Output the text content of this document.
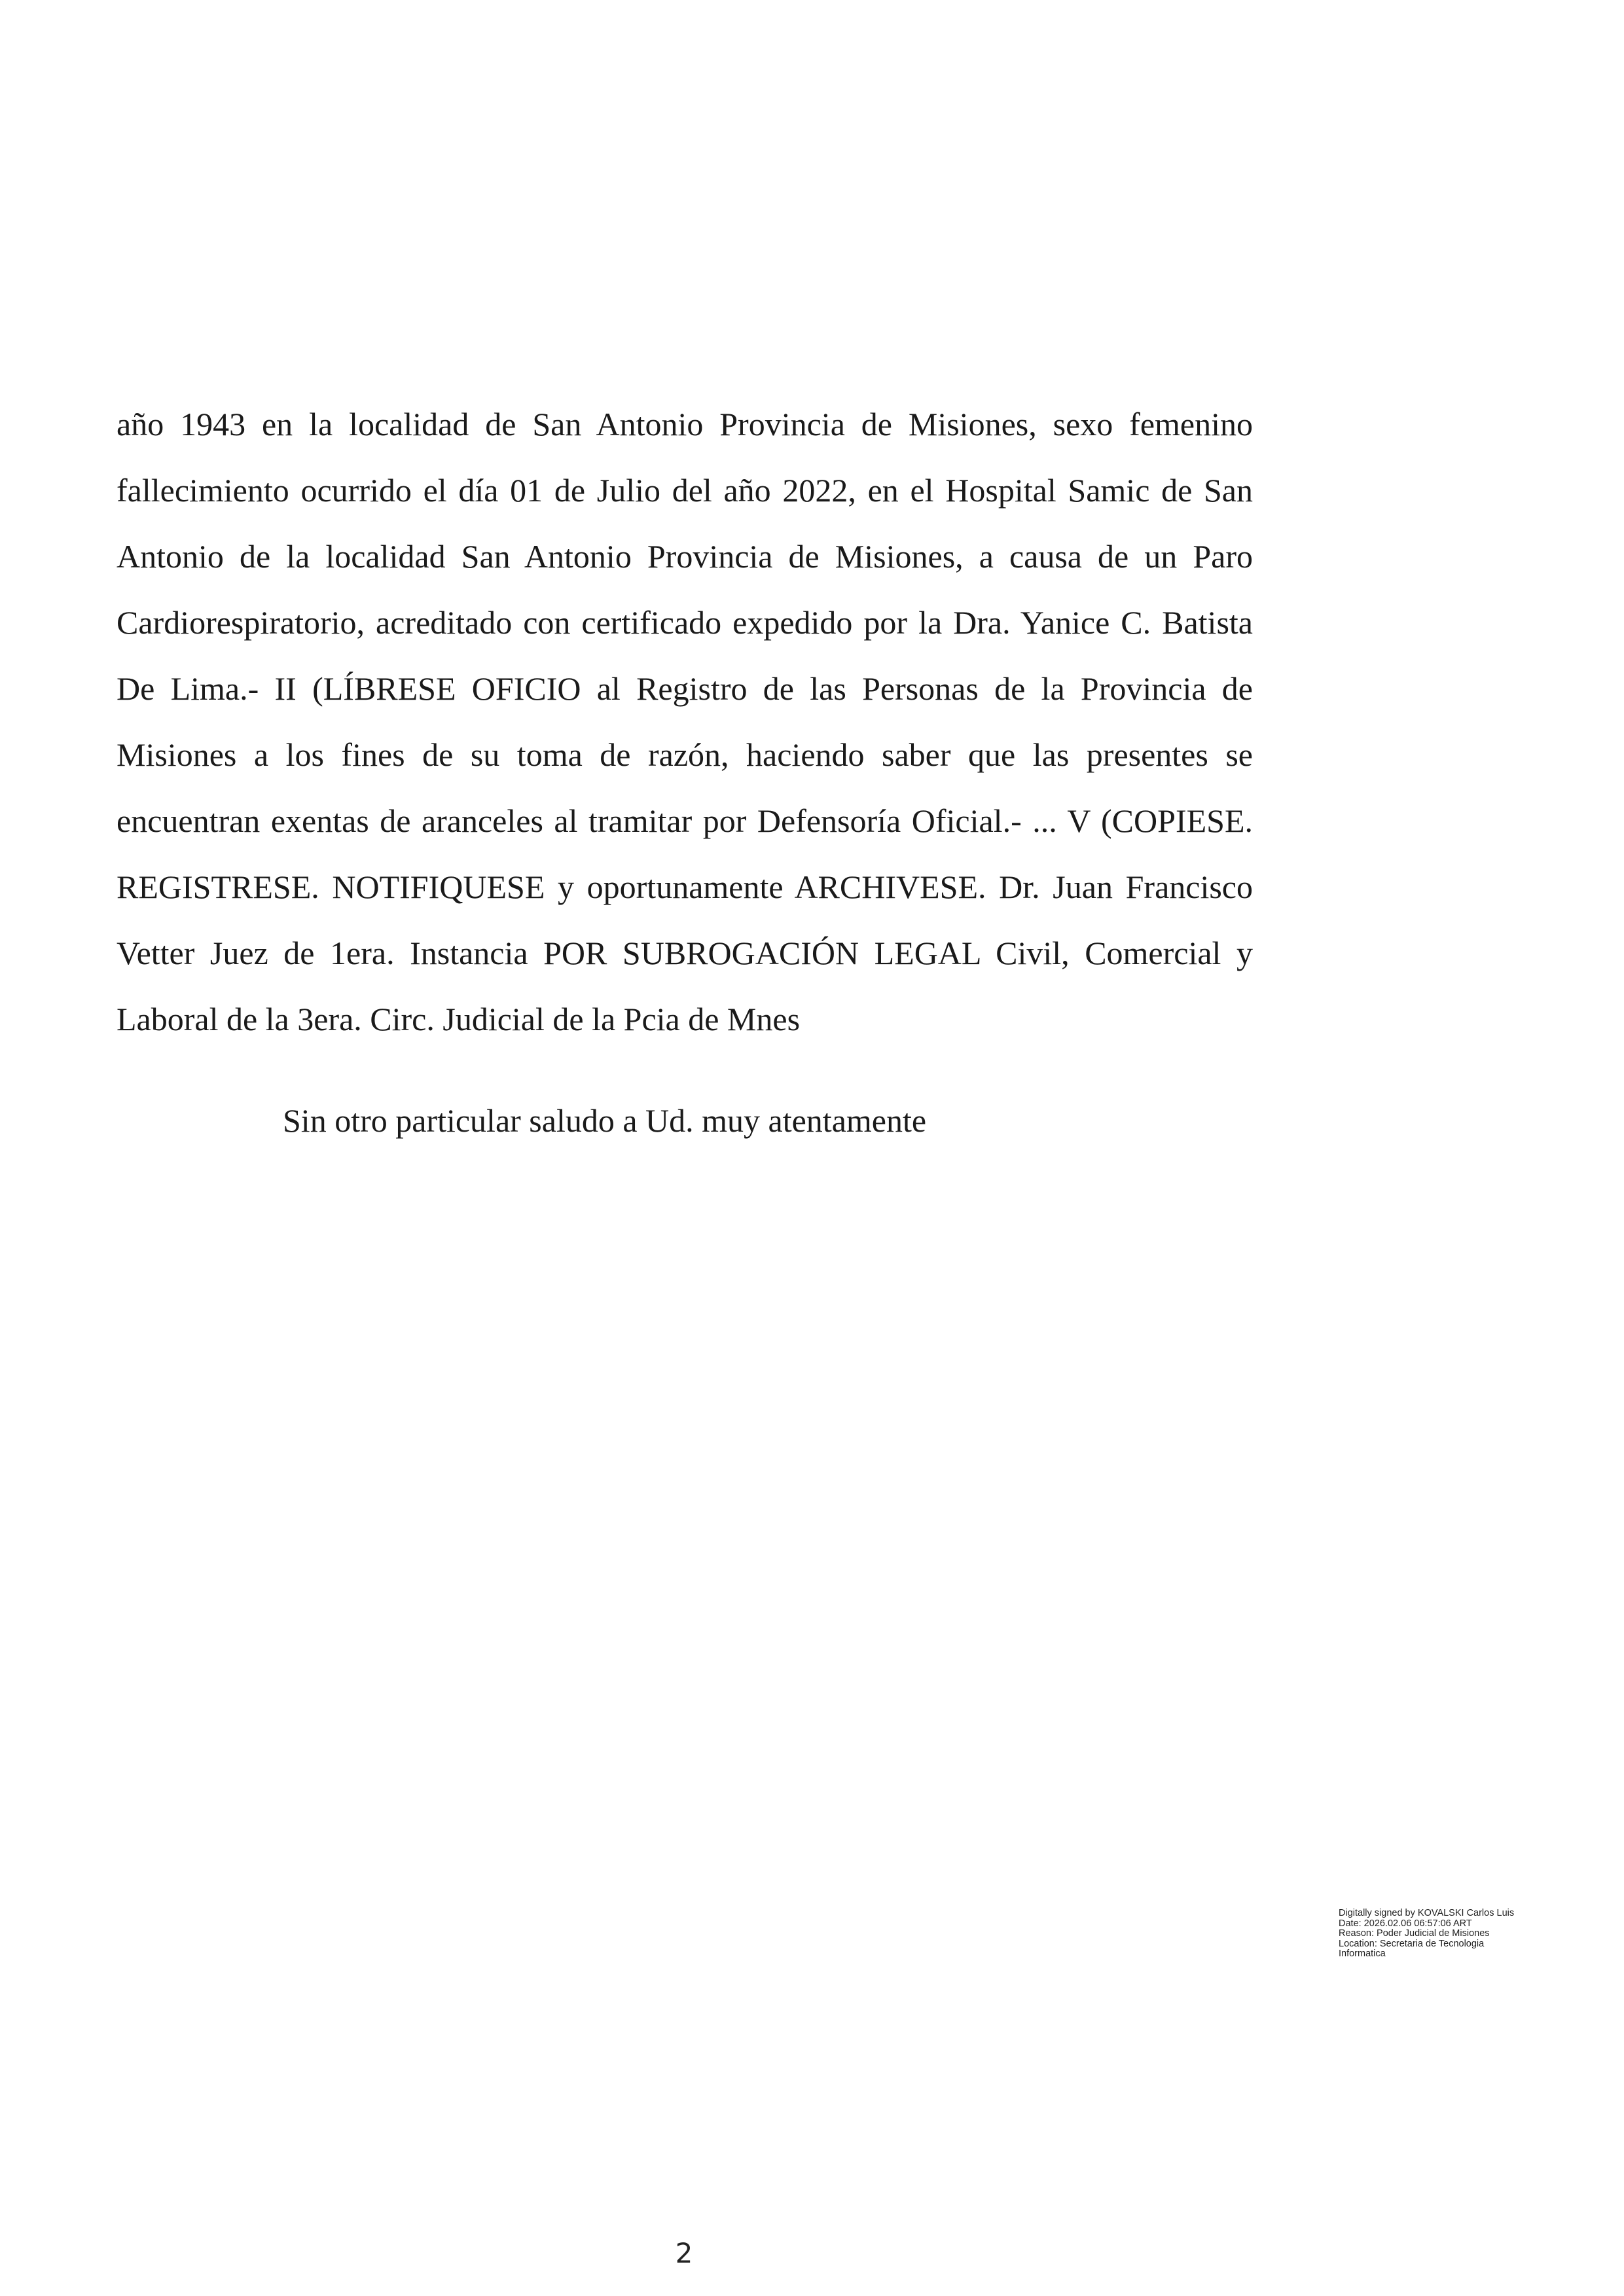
año 1943 en la localidad de San Antonio Provincia de Misiones, sexo femenino
fallecimiento ocurrido el día 01 de Julio del año 2022, en el Hospital Samic de San
Antonio de la localidad San Antonio Provincia de Misiones, a causa de un Paro
Cardiorespiratorio, acreditado con certificado expedido por la Dra. Yanice C. Batista
De Lima.- II (LÍBRESE OFICIO al Registro de las Personas de la Provincia de
Misiones a los fines de su toma de razón, haciendo saber que las presentes se
encuentran exentas de aranceles al tramitar por Defensoría Oficial.- ... V (COPIESE.
REGISTRESE. NOTIFIQUESE y oportunamente ARCHIVESE. Dr. Juan Francisco
Vetter Juez de 1era. Instancia POR SUBROGACIÓN LEGAL Civil, Comercial y
Laboral de la 3era. Circ. Judicial de la Pcia de Mnes

Sin otro particular saludo a Ud. muy atentamente

Digitally signed by KOVALSKI Carlos Luis
Date: 2026.02.06 06:57:06 ART
Reason: Poder Judicial de Misiones
Location: Secretaria de Tecnologia
Informatica
2
